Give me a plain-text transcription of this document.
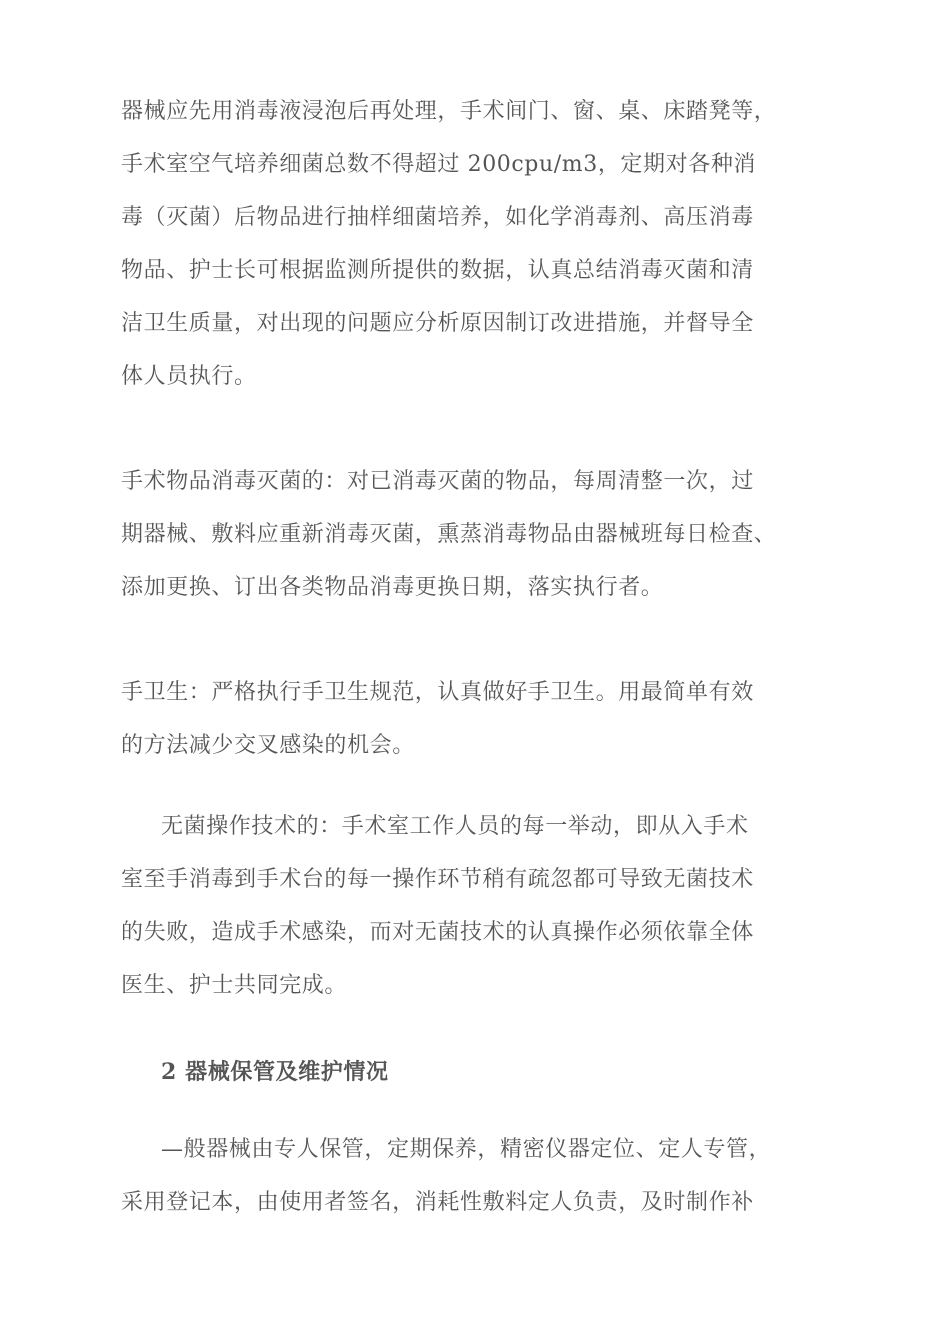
器械应先用消毒液浸泡后再处理，手术间门、窗、桌、床踏凳等，
手术室空气培养细菌总数不得超过 200cpu/m3，定期对各种消
毒（灭菌）后物品进行抽样细菌培养，如化学消毒剂、高压消毒
物品、护士长可根据监测所提供的数据，认真总结消毒灭菌和清
洁卫生质量，对出现的问题应分析原因制订改进措施，并督导全
体人员执行。
手术物品消毒灭菌的：对已消毒灭菌的物品，每周清整一次，过
期器械、敷料应重新消毒灭菌，熏蒸消毒物品由器械班每日检查、
添加更换、订出各类物品消毒更换日期，落实执行者。
手卫生：严格执行手卫生规范，认真做好手卫生。用最简单有效
的方法减少交叉感染的机会。
无菌操作技术的：手术室工作人员的每一举动，即从入手术
室至手消毒到手术台的每一操作环节稍有疏忽都可导致无菌技术
的失败，造成手术感染，而对无菌技术的认真操作必须依靠全体
医生、护士共同完成。
2 器械保管及维护情况
—般器械由专人保管，定期保养，精密仪器定位、定人专管，
采用登记本，由使用者签名，消耗性敷料定人负责，及时制作补
